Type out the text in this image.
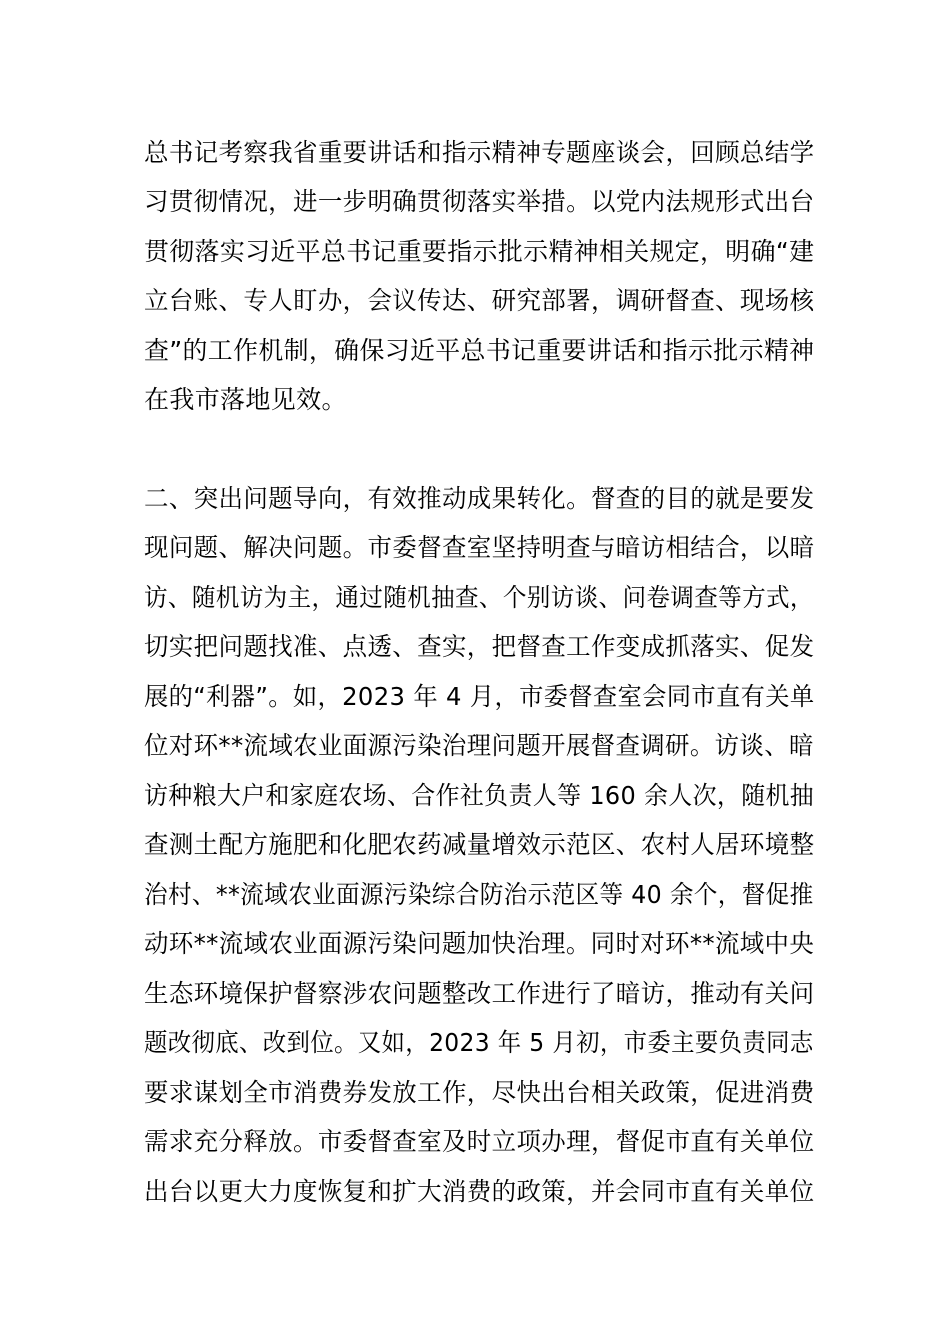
总书记考察我省重要讲话和指示精神专题座谈会，回顾总结学
习贯彻情况，进一步明确贯彻落实举措。以党内法规形式出台
贯彻落实习近平总书记重要指示批示精神相关规定，明确“建
立台账、专人盯办，会议传达、研究部署，调研督查、现场核
查”的工作机制，确保习近平总书记重要讲话和指示批示精神
在我市落地见效。
二、突出问题导向，有效推动成果转化。督查的目的就是要发
现问题、解决问题。市委督查室坚持明查与暗访相结合，以暗
访、随机访为主，通过随机抽查、个别访谈、问卷调查等方式，
切实把问题找准、点透、查实，把督查工作变成抓落实、促发
展的“利器”。如，2023 年 4 月，市委督查室会同市直有关单
位对环**流域农业面源污染治理问题开展督查调研。访谈、暗
访种粮大户和家庭农场、合作社负责人等 160 余人次，随机抽
查测土配方施肥和化肥农药减量增效示范区、农村人居环境整
治村、**流域农业面源污染综合防治示范区等 40 余个，督促推
动环**流域农业面源污染问题加快治理。同时对环**流域中央
生态环境保护督察涉农问题整改工作进行了暗访，推动有关问
题改彻底、改到位。又如，2023 年 5 月初，市委主要负责同志
要求谋划全市消费券发放工作，尽快出台相关政策，促进消费
需求充分释放。市委督查室及时立项办理，督促市直有关单位
出台以更大力度恢复和扩大消费的政策，并会同市直有关单位
